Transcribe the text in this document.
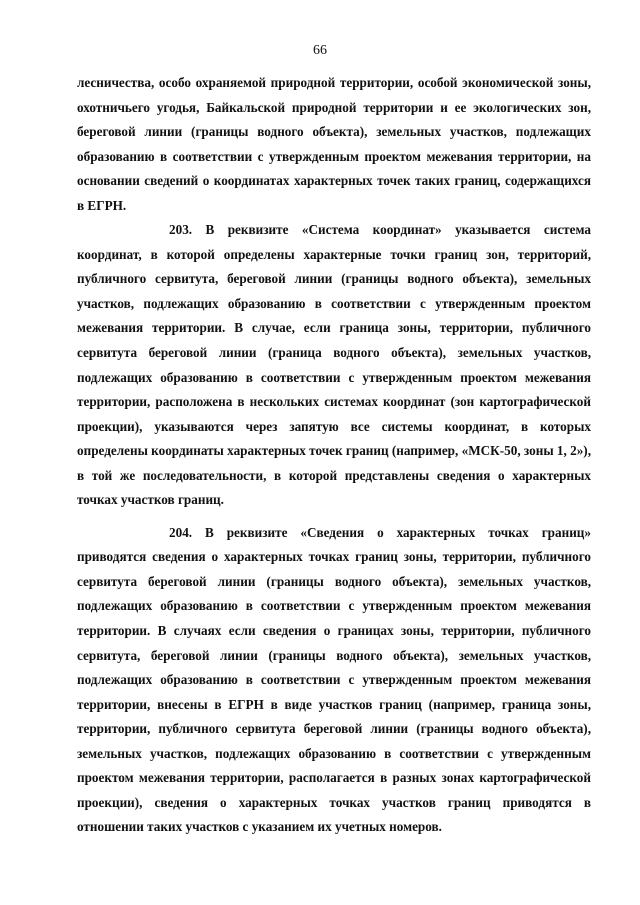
66

лесничества, особо охраняемой природной территории, особой экономической зоны, охотничьего угодья, Байкальской природной территории и ее экологических зон, береговой линии (границы водного объекта), земельных участков, подлежащих образованию в соответствии с утвержденным проектом межевания территории, на основании сведений о координатах характерных точек таких границ, содержащихся в ЕГРН.

203. В реквизите «Система координат» указывается система координат, в которой определены характерные точки границ зон, территорий, публичного сервитута, береговой линии (границы водного объекта), земельных участков, подлежащих образованию в соответствии с утвержденным проектом межевания территории. В случае, если граница зоны, территории, публичного сервитута береговой линии (граница водного объекта), земельных участков, подлежащих образованию в соответствии с утвержденным проектом межевания территории, расположена в нескольких системах координат (зон картографической проекции), указываются через запятую все системы координат, в которых определены координаты характерных точек границ (например, «МСК-50, зоны 1, 2»), в той же последовательности, в которой представлены сведения о характерных точках участков границ.

204. В реквизите «Сведения о характерных точках границ» приводятся сведения о характерных точках границ зоны, территории, публичного сервитута береговой линии (границы водного объекта), земельных участков, подлежащих образованию в соответствии с утвержденным проектом межевания территории. В случаях если сведения о границах зоны, территории, публичного сервитута, береговой линии (границы водного объекта), земельных участков, подлежащих образованию в соответствии с утвержденным проектом межевания территории, внесены в ЕГРН в виде участков границ (например, граница зоны, территории, публичного сервитута береговой линии (границы водного объекта), земельных участков, подлежащих образованию в соответствии с утвержденным проектом межевания территории, располагается в разных зонах картографической проекции), сведения о характерных точках участков границ приводятся в отношении таких участков с указанием их учетных номеров.
